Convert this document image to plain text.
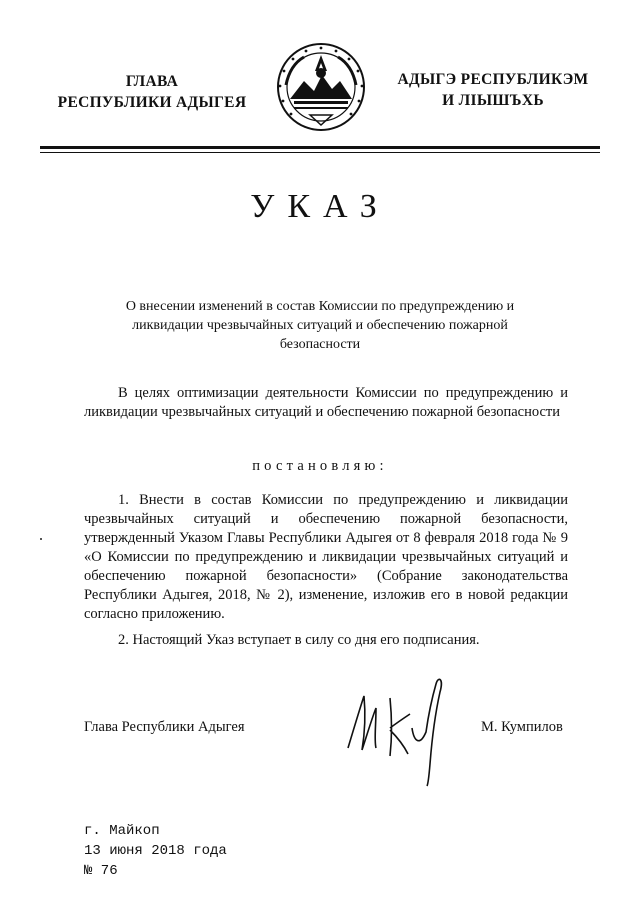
ГЛАВА
РЕСПУБЛИКИ АДЫГЕЯ
АДЫГЭ РЕСПУБЛИКЭМ
И ЛІЫШЪХЬ
УКАЗ
О внесении изменений в состав Комиссии по предупреждению и ликвидации чрезвычайных ситуаций и обеспечению пожарной безопасности
В целях оптимизации деятельности Комиссии по предупреждению и ликвидации чрезвычайных ситуаций и обеспечению пожарной безопасности
постановляю:
1. Внести в состав Комиссии по предупреждению и ликвидации чрезвычайных ситуаций и обеспечению пожарной безопасности, утвержденный Указом Главы Республики Адыгея от 8 февраля 2018 года № 9 «О Комиссии по предупреждению и ликвидации чрезвычайных ситуаций и обеспечению пожарной безопасности» (Собрание законодательства Республики Адыгея, 2018, № 2), изменение, изложив его в новой редакции согласно приложению.
2. Настоящий Указ вступает в силу со дня его подписания.
Глава Республики Адыгея	М. Кумпилов
г. Майкоп
13 июня 2018 года
№ 76
